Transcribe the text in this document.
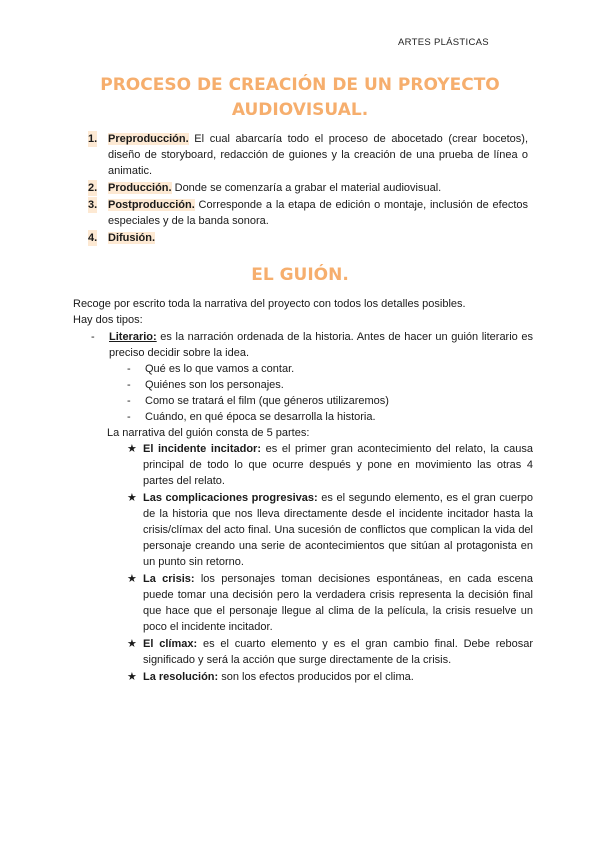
ARTES PLÁSTICAS
PROCESO DE CREACIÓN DE UN PROYECTO
AUDIOVISUAL.
1. Preproducción. El cual abarcaría todo el proceso de abocetado (crear bocetos), diseño de storyboard, redacción de guiones y la creación de una prueba de línea o animatic.
2. Producción. Donde se comenzaría a grabar el material audiovisual.
3. Postproducción. Corresponde a la etapa de edición o montaje, inclusión de efectos especiales y de la banda sonora.
4. Difusión.
EL GUIÓN.

Recoge por escrito toda la narrativa del proyecto con todos los detalles posibles.

Hay dos tipos:

- Literario: es la narración ordenada de la historia. Antes de hacer un guión literario es preciso decidir sobre la idea.
- Qué es lo que vamos a contar.
- Quiénes son los personajes.
- Como se tratará el film (que géneros utilizaremos)
- Cuándo, en qué época se desarrolla la historia.

La narrativa del guión consta de 5 partes:

★ El incidente incitador: es el primer gran acontecimiento del relato, la causa principal de todo lo que ocurre después y pone en movimiento las otras 4 partes del relato.
★ Las complicaciones progresivas: es el segundo elemento, es el gran cuerpo de la historia que nos lleva directamente desde el incidente incitador hasta la crisis/clímax del acto final. Una sucesión de conflictos que complican la vida del personaje creando una serie de acontecimientos que sitúan al protagonista en un punto sin retorno.
★ La crisis: los personajes toman decisiones espontáneas, en cada escena puede tomar una decisión pero la verdadera crisis representa la decisión final que hace que el personaje llegue al clima de la película, la crisis resuelve un poco el incidente incitador.
★ El clímax: es el cuarto elemento y es el gran cambio final. Debe rebosar significado y será la acción que surge directamente de la crisis.
★ La resolución: son los efectos producidos por el clima.
